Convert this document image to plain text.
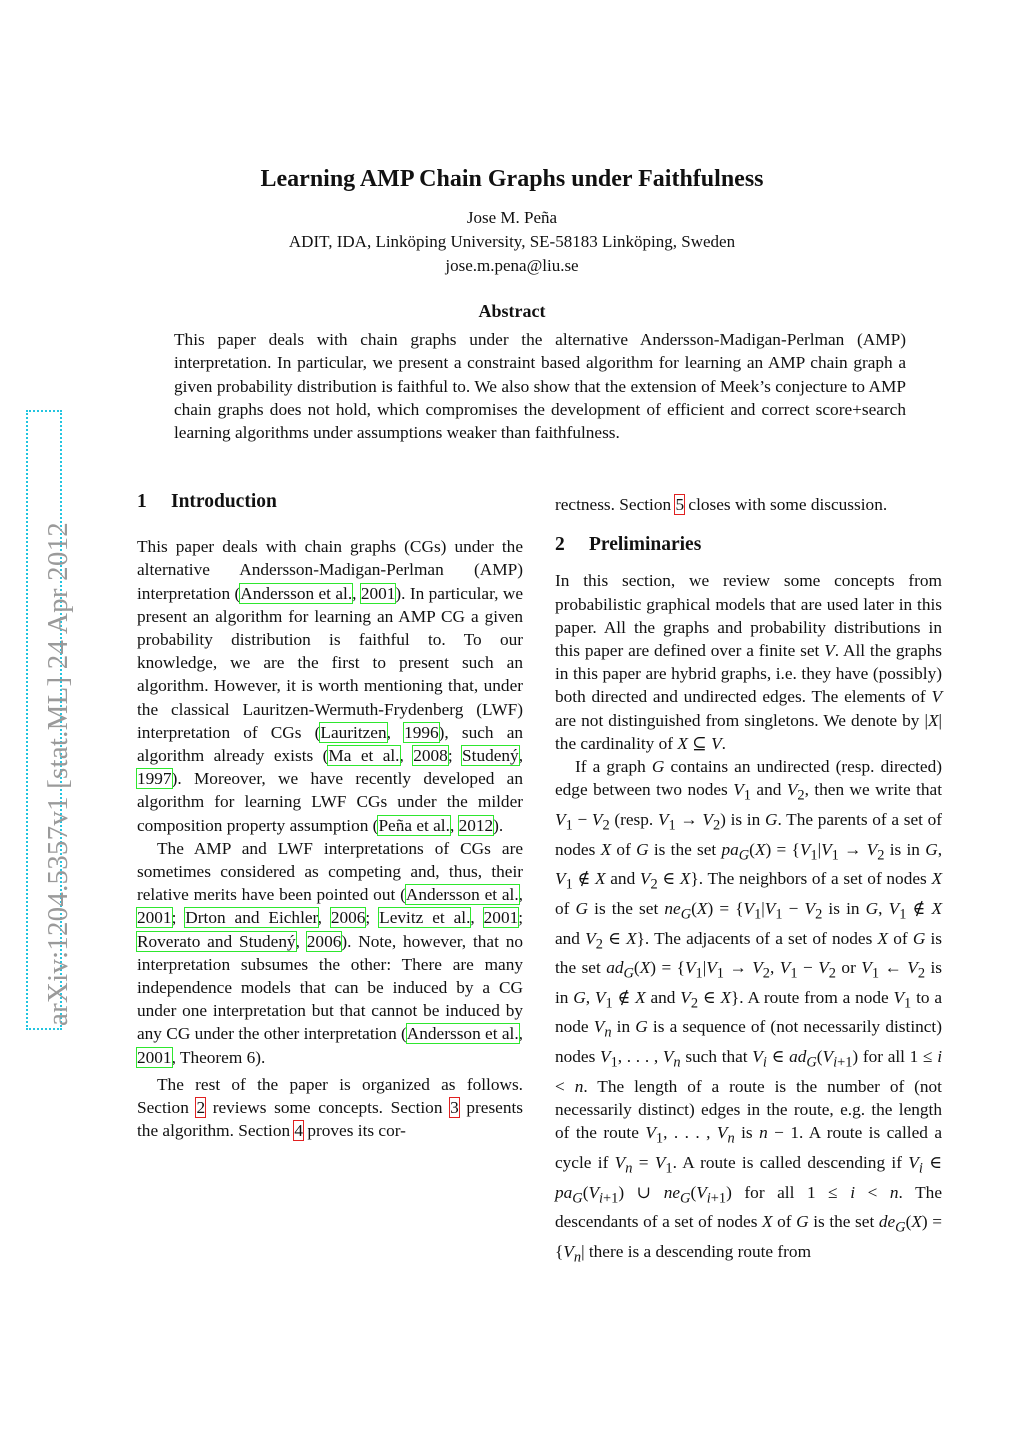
arXiv:1204.5357v1 [stat.ML] 24 Apr 2012
Learning AMP Chain Graphs under Faithfulness
Jose M. Peña
ADIT, IDA, Linköping University, SE-58183 Linköping, Sweden
jose.m.pena@liu.se
Abstract
This paper deals with chain graphs under the alternative Andersson-Madigan-Perlman (AMP) interpretation. In particular, we present a constraint based algorithm for learning an AMP chain graph a given probability distribution is faithful to. We also show that the extension of Meek’s conjecture to AMP chain graphs does not hold, which compromises the development of efficient and correct score+search learning algorithms under assumptions weaker than faithfulness.
1 Introduction

This paper deals with chain graphs (CGs) under the alternative Andersson-Madigan-Perlman (AMP) interpretation (Andersson et al., 2001). In particular, we present an algorithm for learning an AMP CG a given probability distribution is faithful to. To our knowledge, we are the first to present such an algorithm. However, it is worth mentioning that, under the classical Lauritzen-Wermuth-Frydenberg (LWF) interpretation of CGs (Lauritzen, 1996), such an algorithm already exists (Ma et al., 2008; Studený, 1997). Moreover, we have recently developed an algorithm for learning LWF CGs under the milder composition property assumption (Peña et al., 2012).

The AMP and LWF interpretations of CGs are sometimes considered as competing and, thus, their relative merits have been pointed out (Andersson et al., 2001; Drton and Eichler, 2006; Levitz et al., 2001; Roverato and Studený, 2006). Note, however, that no interpretation subsumes the other: There are many independence models that can be induced by a CG under one interpretation but that cannot be induced by any CG under the other interpretation (Andersson et al., 2001, Theorem 6).

The rest of the paper is organized as follows. Section 2 reviews some concepts. Section 3 presents the algorithm. Section 4 proves its cor-

rectness. Section 5 closes with some discussion.

2 Preliminaries

In this section, we review some concepts from probabilistic graphical models that are used later in this paper. All the graphs and probability distributions in this paper are defined over a finite set V. All the graphs in this paper are hybrid graphs, i.e. they have (possibly) both directed and undirected edges. The elements of V are not distinguished from singletons. We denote by |X| the cardinality of X ⊆ V.

If a graph G contains an undirected (resp. directed) edge between two nodes $V_1$ and $V_2$, then we write that $V_1 - V_2$ (resp. $V_1 \to V_2$) is in G. The parents of a set of nodes X of G is the set $pa_G(X) = \{V_1|V_1 \to V_2$ is in G, $V_1$ ∉ X and $V_2$ ∈ X}. The neighbors of a set of nodes X of G is the set $ne_G(X) = \{V_1|V_1 - V_2$ is in G, $V_1$ ∉ X and $V_2$ ∈ X}. The adjacents of a set of nodes X of G is the set $ad_G(X) = \{V_1|V_1 \to V_2$, $V_1 - V_2$ or $V_1$ ← $V_2$ is in G, $V_1$ ∉ X and $V_2$ ∈ X}. A route from a node $V_1$ to a node $V_n$ in G is a sequence of (not necessarily distinct) nodes $V_1$, . . . , $V_n$ such that $V_i$ ∈ $ad_G(V_{i+1})$ for all 1 ≤ i < n. The length of a route is the number of (not necessarily distinct) edges in the route, e.g. the length of the route $V_1$, . . . , $V_n$ is n − 1. A route is called a cycle if $V_n = V_1$. A route is called descending if $V_i$ ∈ $pa_G(V_{i+1})$ ∪ $ne_G(V_{i+1})$ for all 1 ≤ i < n. The descendants of a set of nodes X of G is the set $de_G(X) = \{V_n|$ there is a descending route from
